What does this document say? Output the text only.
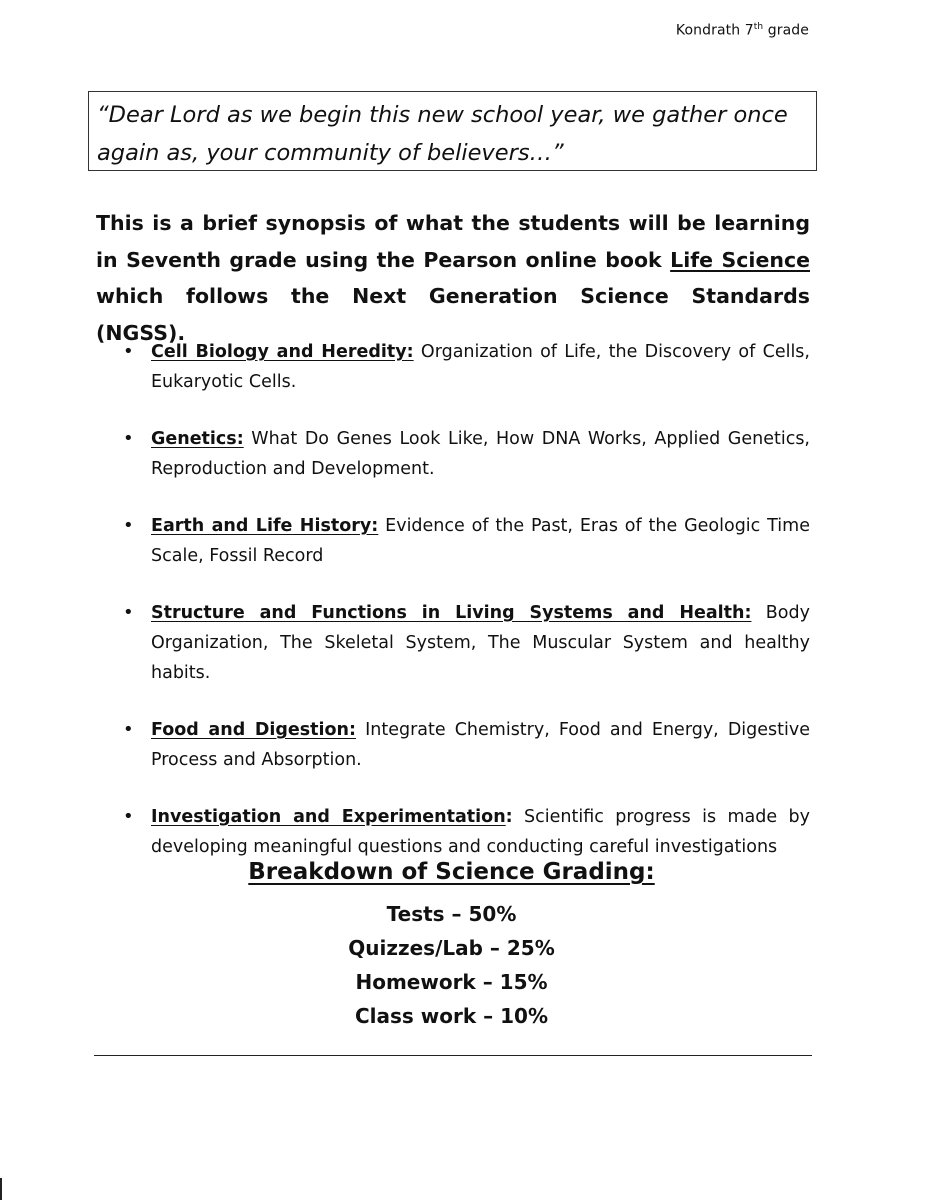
Kondrath 7th grade
“Dear Lord as we begin this new school year, we gather once
again as, your community of believers…”
This is a brief synopsis of what the students will be learning in Seventh grade using the Pearson online book Life Science which follows the Next Generation Science Standards (NGSS).
• Cell Biology and Heredity: Organization of Life, the Discovery of Cells, Eukaryotic Cells.
• Genetics: What Do Genes Look Like, How DNA Works, Applied Genetics, Reproduction and Development.
• Earth and Life History: Evidence of the Past, Eras of the Geologic Time Scale, Fossil Record
• Structure and Functions in Living Systems and Health: Body Organization, The Skeletal System, The Muscular System and healthy habits.
• Food and Digestion: Integrate Chemistry, Food and Energy, Digestive Process and Absorption.
• Investigation and Experimentation: Scientific progress is made by developing meaningful questions and conducting careful investigations
Breakdown of Science Grading:
Tests – 50%
Quizzes/Lab – 25%
Homework – 15%
Class work – 10%
